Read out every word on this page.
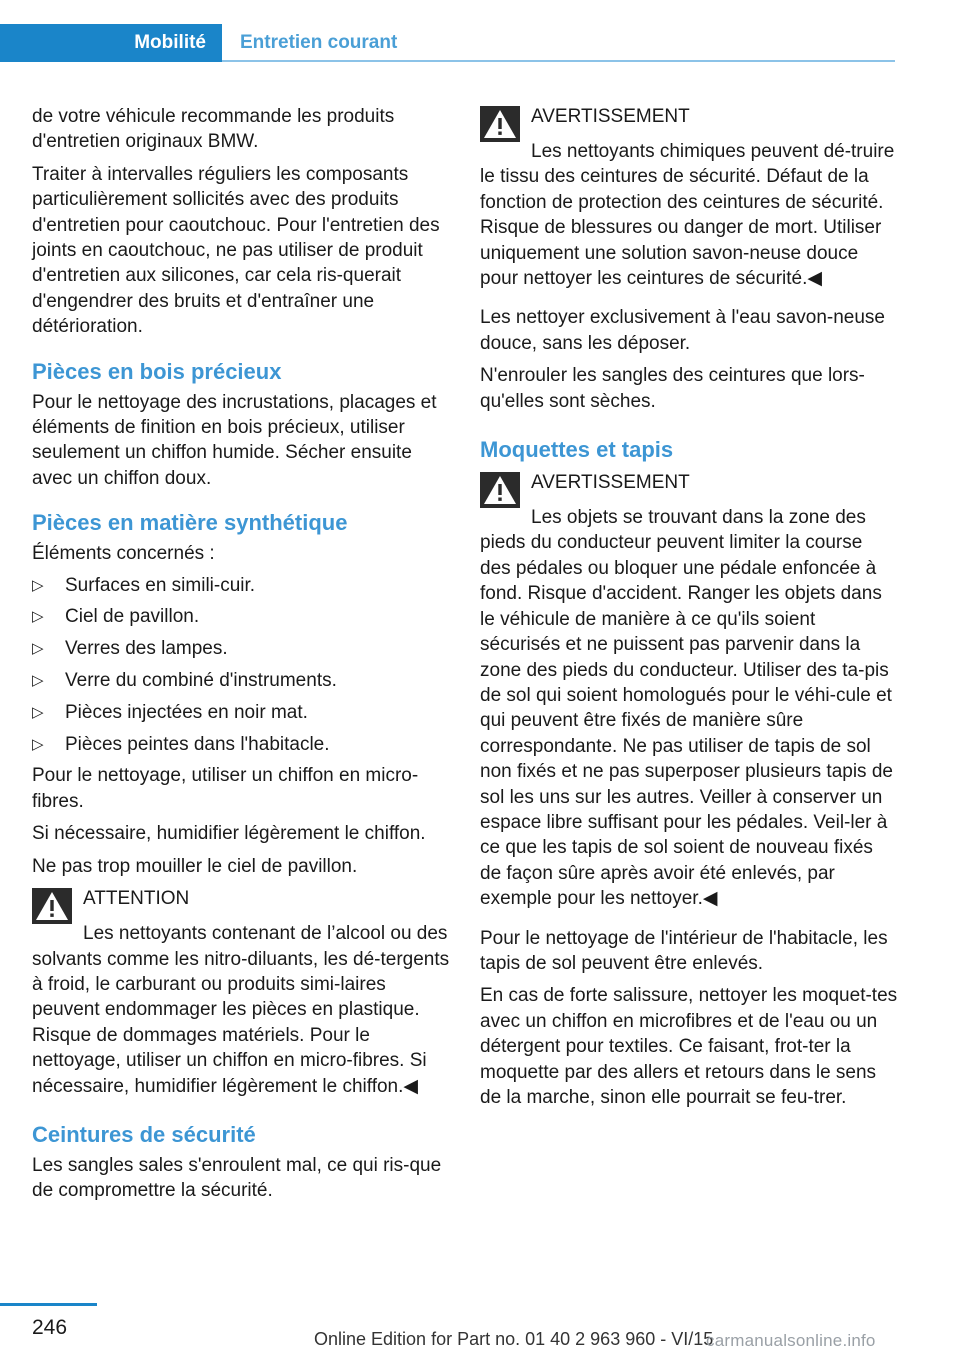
Mobilité	Entretien courant

de votre véhicule recommande les produits d'entretien originaux BMW.

Traiter à intervalles réguliers les composants particulièrement sollicités avec des produits d'entretien pour caoutchouc. Pour l'entretien des joints en caoutchouc, ne pas utiliser de produit d'entretien aux silicones, car cela ris‐querait d'engendrer des bruits et d'entraîner une détérioration.

Pièces en bois précieux

Pour le nettoyage des incrustations, placages et éléments de finition en bois précieux, utiliser seulement un chiffon humide. Sécher ensuite avec un chiffon doux.

Pièces en matière synthétique

Éléments concernés :

▷ Surfaces en simili-cuir.
▷ Ciel de pavillon.
▷ Verres des lampes.
▷ Verre du combiné d'instruments.
▷ Pièces injectées en noir mat.
▷ Pièces peintes dans l'habitacle.

Pour le nettoyage, utiliser un chiffon en micro‐fibres.

Si nécessaire, humidifier légèrement le chiffon.

Ne pas trop mouiller le ciel de pavillon.

ATTENTION
Les nettoyants contenant de l’alcool ou des solvants comme les nitro-diluants, les dé‐tergents à froid, le carburant ou produits simi‐laires peuvent endommager les pièces en plastique. Risque de dommages matériels. Pour le nettoyage, utiliser un chiffon en micro‐fibres. Si nécessaire, humidifier légèrement le chiffon.◀
Ceintures de sécurité

Les sangles sales s'enroulent mal, ce qui ris‐que de compromettre la sécurité.

AVERTISSEMENT
Les nettoyants chimiques peuvent dé‐truire le tissu des ceintures de sécurité. Défaut de la fonction de protection des ceintures de sécurité. Risque de blessures ou danger de mort. Utiliser uniquement une solution savon‐neuse douce pour nettoyer les ceintures de sécurité.◀

Les nettoyer exclusivement à l'eau savon‐neuse douce, sans les déposer.

N'enrouler les sangles des ceintures que lors‐qu'elles sont sèches.

Moquettes et tapis
AVERTISSEMENT
Les objets se trouvant dans la zone des pieds du conducteur peuvent limiter la course des pédales ou bloquer une pédale enfoncée à fond. Risque d'accident. Ranger les objets dans le véhicule de manière à ce qu'ils soient sécurisés et ne puissent pas parvenir dans la zone des pieds du conducteur. Utiliser des ta‐pis de sol qui soient homologués pour le véhi‐cule et qui peuvent être fixés de manière sûre correspondante. Ne pas utiliser de tapis de sol non fixés et ne pas superposer plusieurs tapis de sol les uns sur les autres. Veiller à conserver un espace libre suffisant pour les pédales. Veil‐ler à ce que les tapis de sol soient de nouveau fixés de façon sûre après avoir été enlevés, par exemple pour les nettoyer.◀

Pour le nettoyage de l'intérieur de l'habitacle, les tapis de sol peuvent être enlevés.

En cas de forte salissure, nettoyer les moquet‐tes avec un chiffon en microfibres et de l'eau ou un détergent pour textiles. Ce faisant, frot‐ter la moquette par des allers et retours dans le sens de la marche, sinon elle pourrait se feu‐trer.

246	Online Edition for Part no. 01 40 2 963 960 - VI/15
carmanualsonline.info
